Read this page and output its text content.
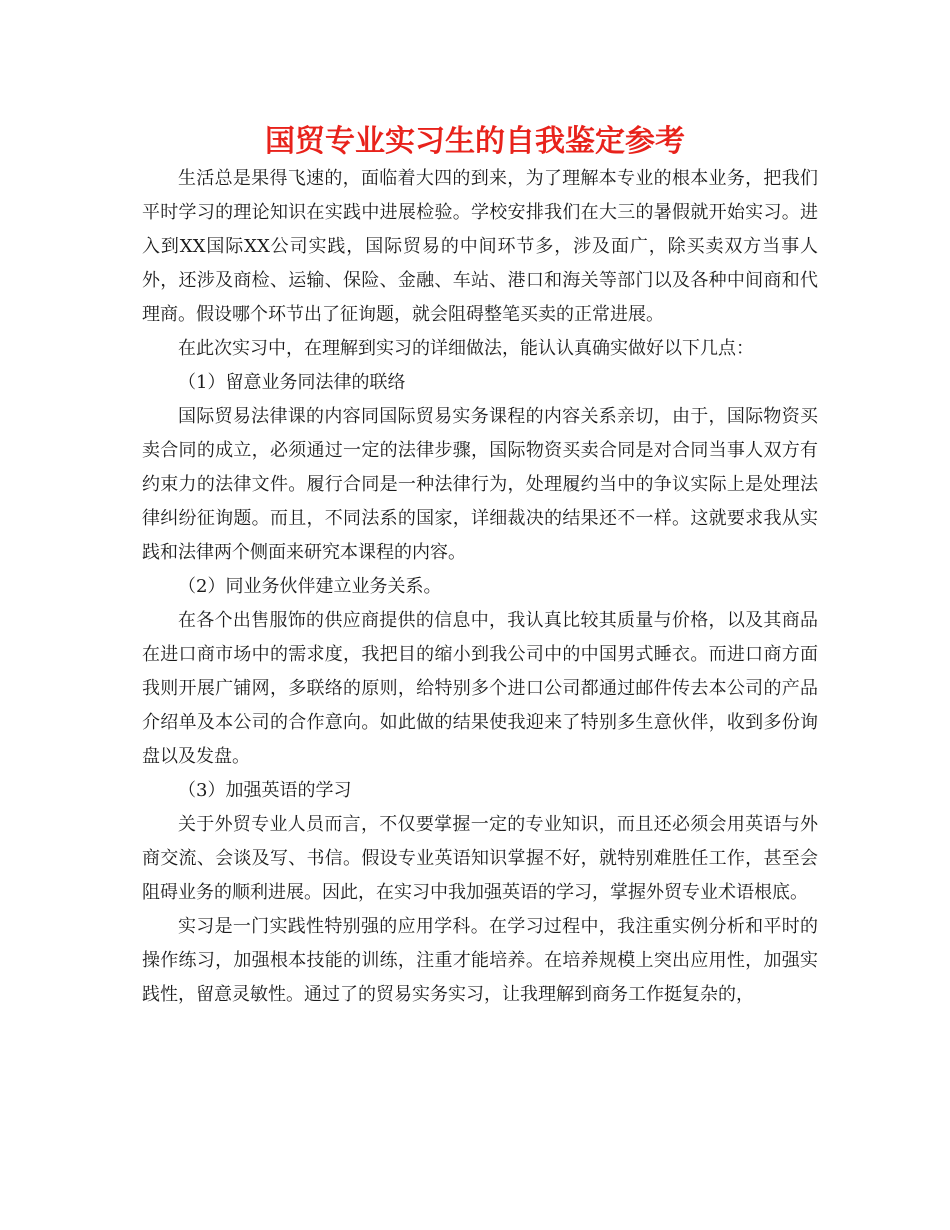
国贸专业实习生的自我鉴定参考

生活总是果得飞速的，面临着大四的到来，为了理解本专业的根本业务，把我们平时学习的理论知识在实践中进展检验。学校安排我们在大三的暑假就开始实习。进入到XX国际XX公司实践，国际贸易的中间环节多，涉及面广，除买卖双方当事人外，还涉及商检、运输、保险、金融、车站、港口和海关等部门以及各种中间商和代理商。假设哪个环节出了征询题，就会阻碍整笔买卖的正常进展。

在此次实习中，在理解到实习的详细做法，能认认真确实做好以下几点：

（1）留意业务同法律的联络

国际贸易法律课的内容同国际贸易实务课程的内容关系亲切，由于，国际物资买卖合同的成立，必须通过一定的法律步骤，国际物资买卖合同是对合同当事人双方有约束力的法律文件。履行合同是一种法律行为，处理履约当中的争议实际上是处理法律纠纷征询题。而且，不同法系的国家，详细裁决的结果还不一样。这就要求我从实践和法律两个侧面来研究本课程的内容。

（2）同业务伙伴建立业务关系。

在各个出售服饰的供应商提供的信息中，我认真比较其质量与价格，以及其商品在进口商市场中的需求度，我把目的缩小到我公司中的中国男式睡衣。而进口商方面我则开展广铺网，多联络的原则，给特别多个进口公司都通过邮件传去本公司的产品介绍单及本公司的合作意向。如此做的结果使我迎来了特别多生意伙伴，收到多份询盘以及发盘。

（3）加强英语的学习

关于外贸专业人员而言，不仅要掌握一定的专业知识，而且还必须会用英语与外商交流、会谈及写、书信。假设专业英语知识掌握不好，就特别难胜任工作，甚至会阻碍业务的顺利进展。因此，在实习中我加强英语的学习，掌握外贸专业术语根底。

实习是一门实践性特别强的应用学科。在学习过程中，我注重实例分析和平时的操作练习，加强根本技能的训练，注重才能培养。在培养规模上突出应用性，加强实践性，留意灵敏性。通过了的贸易实务实习，让我理解到商务工作挺复杂的，
